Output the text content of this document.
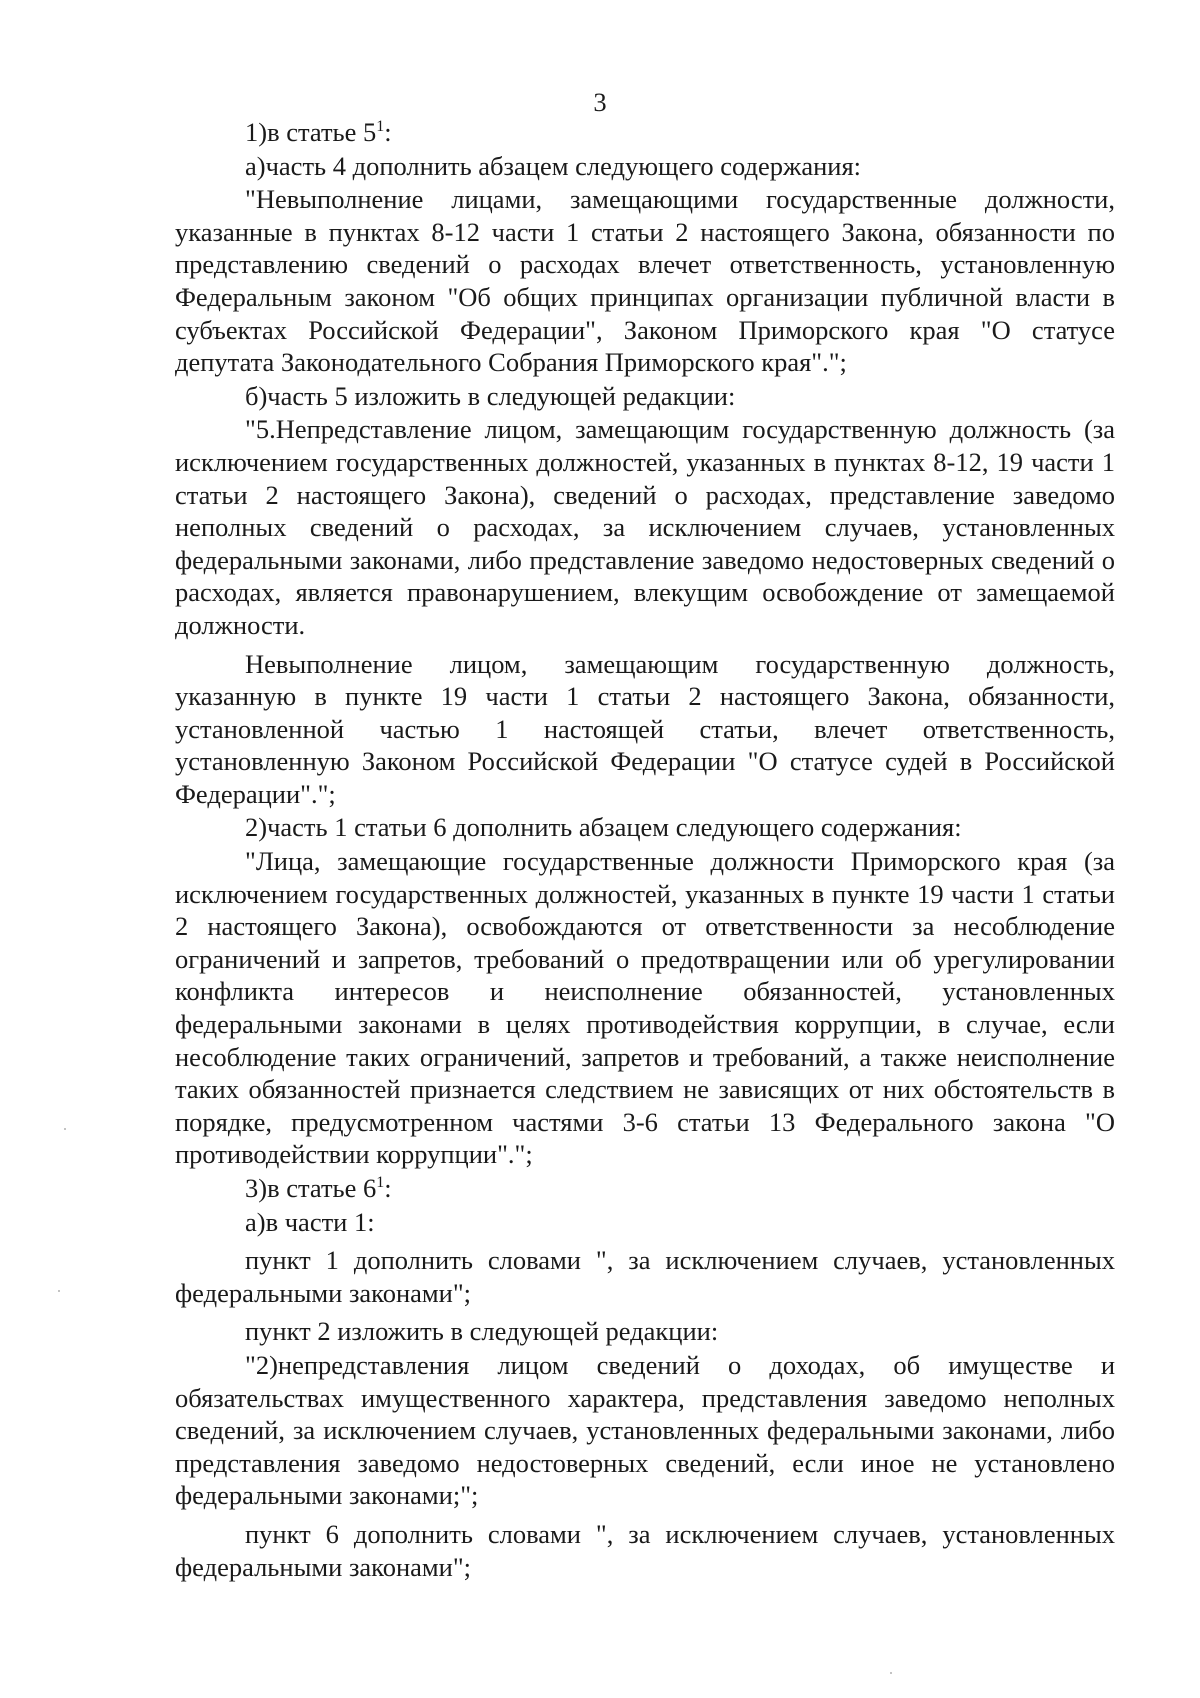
3

1)в статье $5^1$:

а)часть 4 дополнить абзацем следующего содержания:

"Невыполнение лицами, замещающими государственные должности, указанные в пунктах 8-12 части 1 статьи 2 настоящего Закона, обязанности по представлению сведений о расходах влечет ответственность, установленную Федеральным законом "Об общих принципах организации публичной власти в субъектах Российской Федерации", Законом Приморского края "О статусе депутата Законодательного Собрания Приморского края".";

б)часть 5 изложить в следующей редакции:

"5.Непредставление лицом, замещающим государственную должность (за исключением государственных должностей, указанных в пунктах 8-12, 19 части 1 статьи 2 настоящего Закона), сведений о расходах, представление заведомо неполных сведений о расходах, за исключением случаев, установленных федеральными законами, либо представление заведомо недостоверных сведений о расходах, является правонарушением, влекущим освобождение от замещаемой должности.

Невыполнение лицом, замещающим государственную должность, указанную в пункте 19 части 1 статьи 2 настоящего Закона, обязанности, установленной частью 1 настоящей статьи, влечет ответственность, установленную Законом Российской Федерации "О статусе судей в Российской Федерации".";

2)часть 1 статьи 6 дополнить абзацем следующего содержания:

"Лица, замещающие государственные должности Приморского края (за исключением государственных должностей, указанных в пункте 19 части 1 статьи 2 настоящего Закона), освобождаются от ответственности за несоблюдение ограничений и запретов, требований о предотвращении или об урегулировании конфликта интересов и неисполнение обязанностей, установленных федеральными законами в целях противодействия коррупции, в случае, если несоблюдение таких ограничений, запретов и требований, а также неисполнение таких обязанностей признается следствием не зависящих от них обстоятельств в порядке, предусмотренном частями 3-6 статьи 13 Федерального закона "О противодействии коррупции".";

3)в статье $6^1$:

а)в части 1:

пункт 1 дополнить словами ", за исключением случаев, установленных федеральными законами";

пункт 2 изложить в следующей редакции:

"2)непредставления лицом сведений о доходах, об имуществе и обязательствах имущественного характера, представления заведомо неполных сведений, за исключением случаев, установленных федеральными законами, либо представления заведомо недостоверных сведений, если иное не установлено федеральными законами;";

пункт 6 дополнить словами ", за исключением случаев, установленных федеральными законами";
